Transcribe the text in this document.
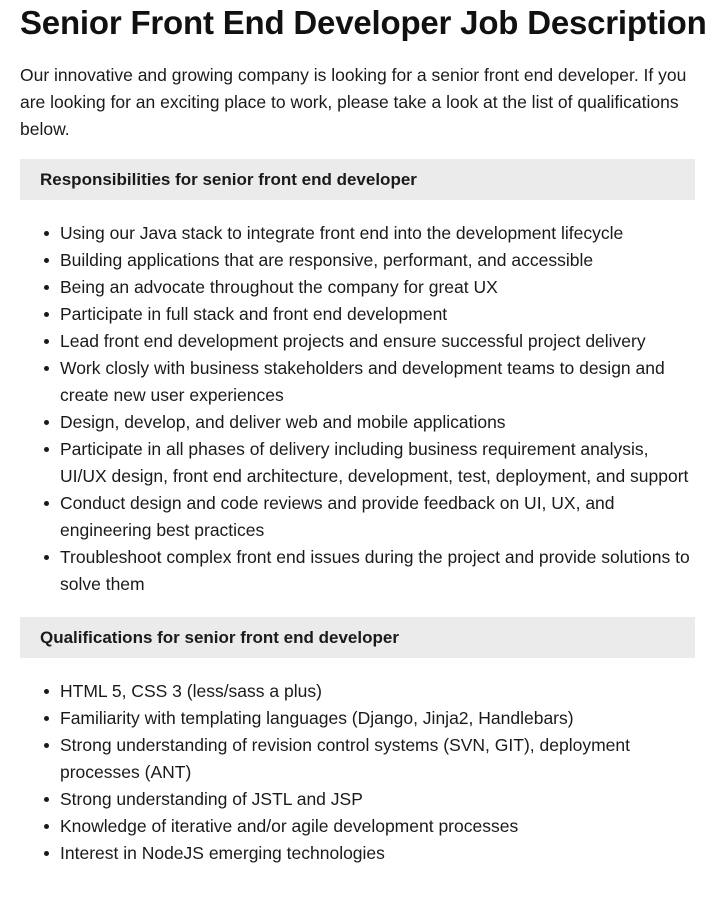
Senior Front End Developer Job Description

Our innovative and growing company is looking for a senior front end developer. If you are looking for an exciting place to work, please take a look at the list of qualifications below.

Responsibilities for senior front end developer
Using our Java stack to integrate front end into the development lifecycle
Building applications that are responsive, performant, and accessible
Being an advocate throughout the company for great UX
Participate in full stack and front end development
Lead front end development projects and ensure successful project delivery
Work closly with business stakeholders and development teams to design and create new user experiences
Design, develop, and deliver web and mobile applications
Participate in all phases of delivery including business requirement analysis, UI/UX design, front end architecture, development, test, deployment, and support
Conduct design and code reviews and provide feedback on UI, UX, and engineering best practices
Troubleshoot complex front end issues during the project and provide solutions to solve them
Qualifications for senior front end developer
HTML 5, CSS 3 (less/sass a plus)
Familiarity with templating languages (Django, Jinja2, Handlebars)
Strong understanding of revision control systems (SVN, GIT), deployment processes (ANT)
Strong understanding of JSTL and JSP
Knowledge of iterative and/or agile development processes
Interest in NodeJS emerging technologies
